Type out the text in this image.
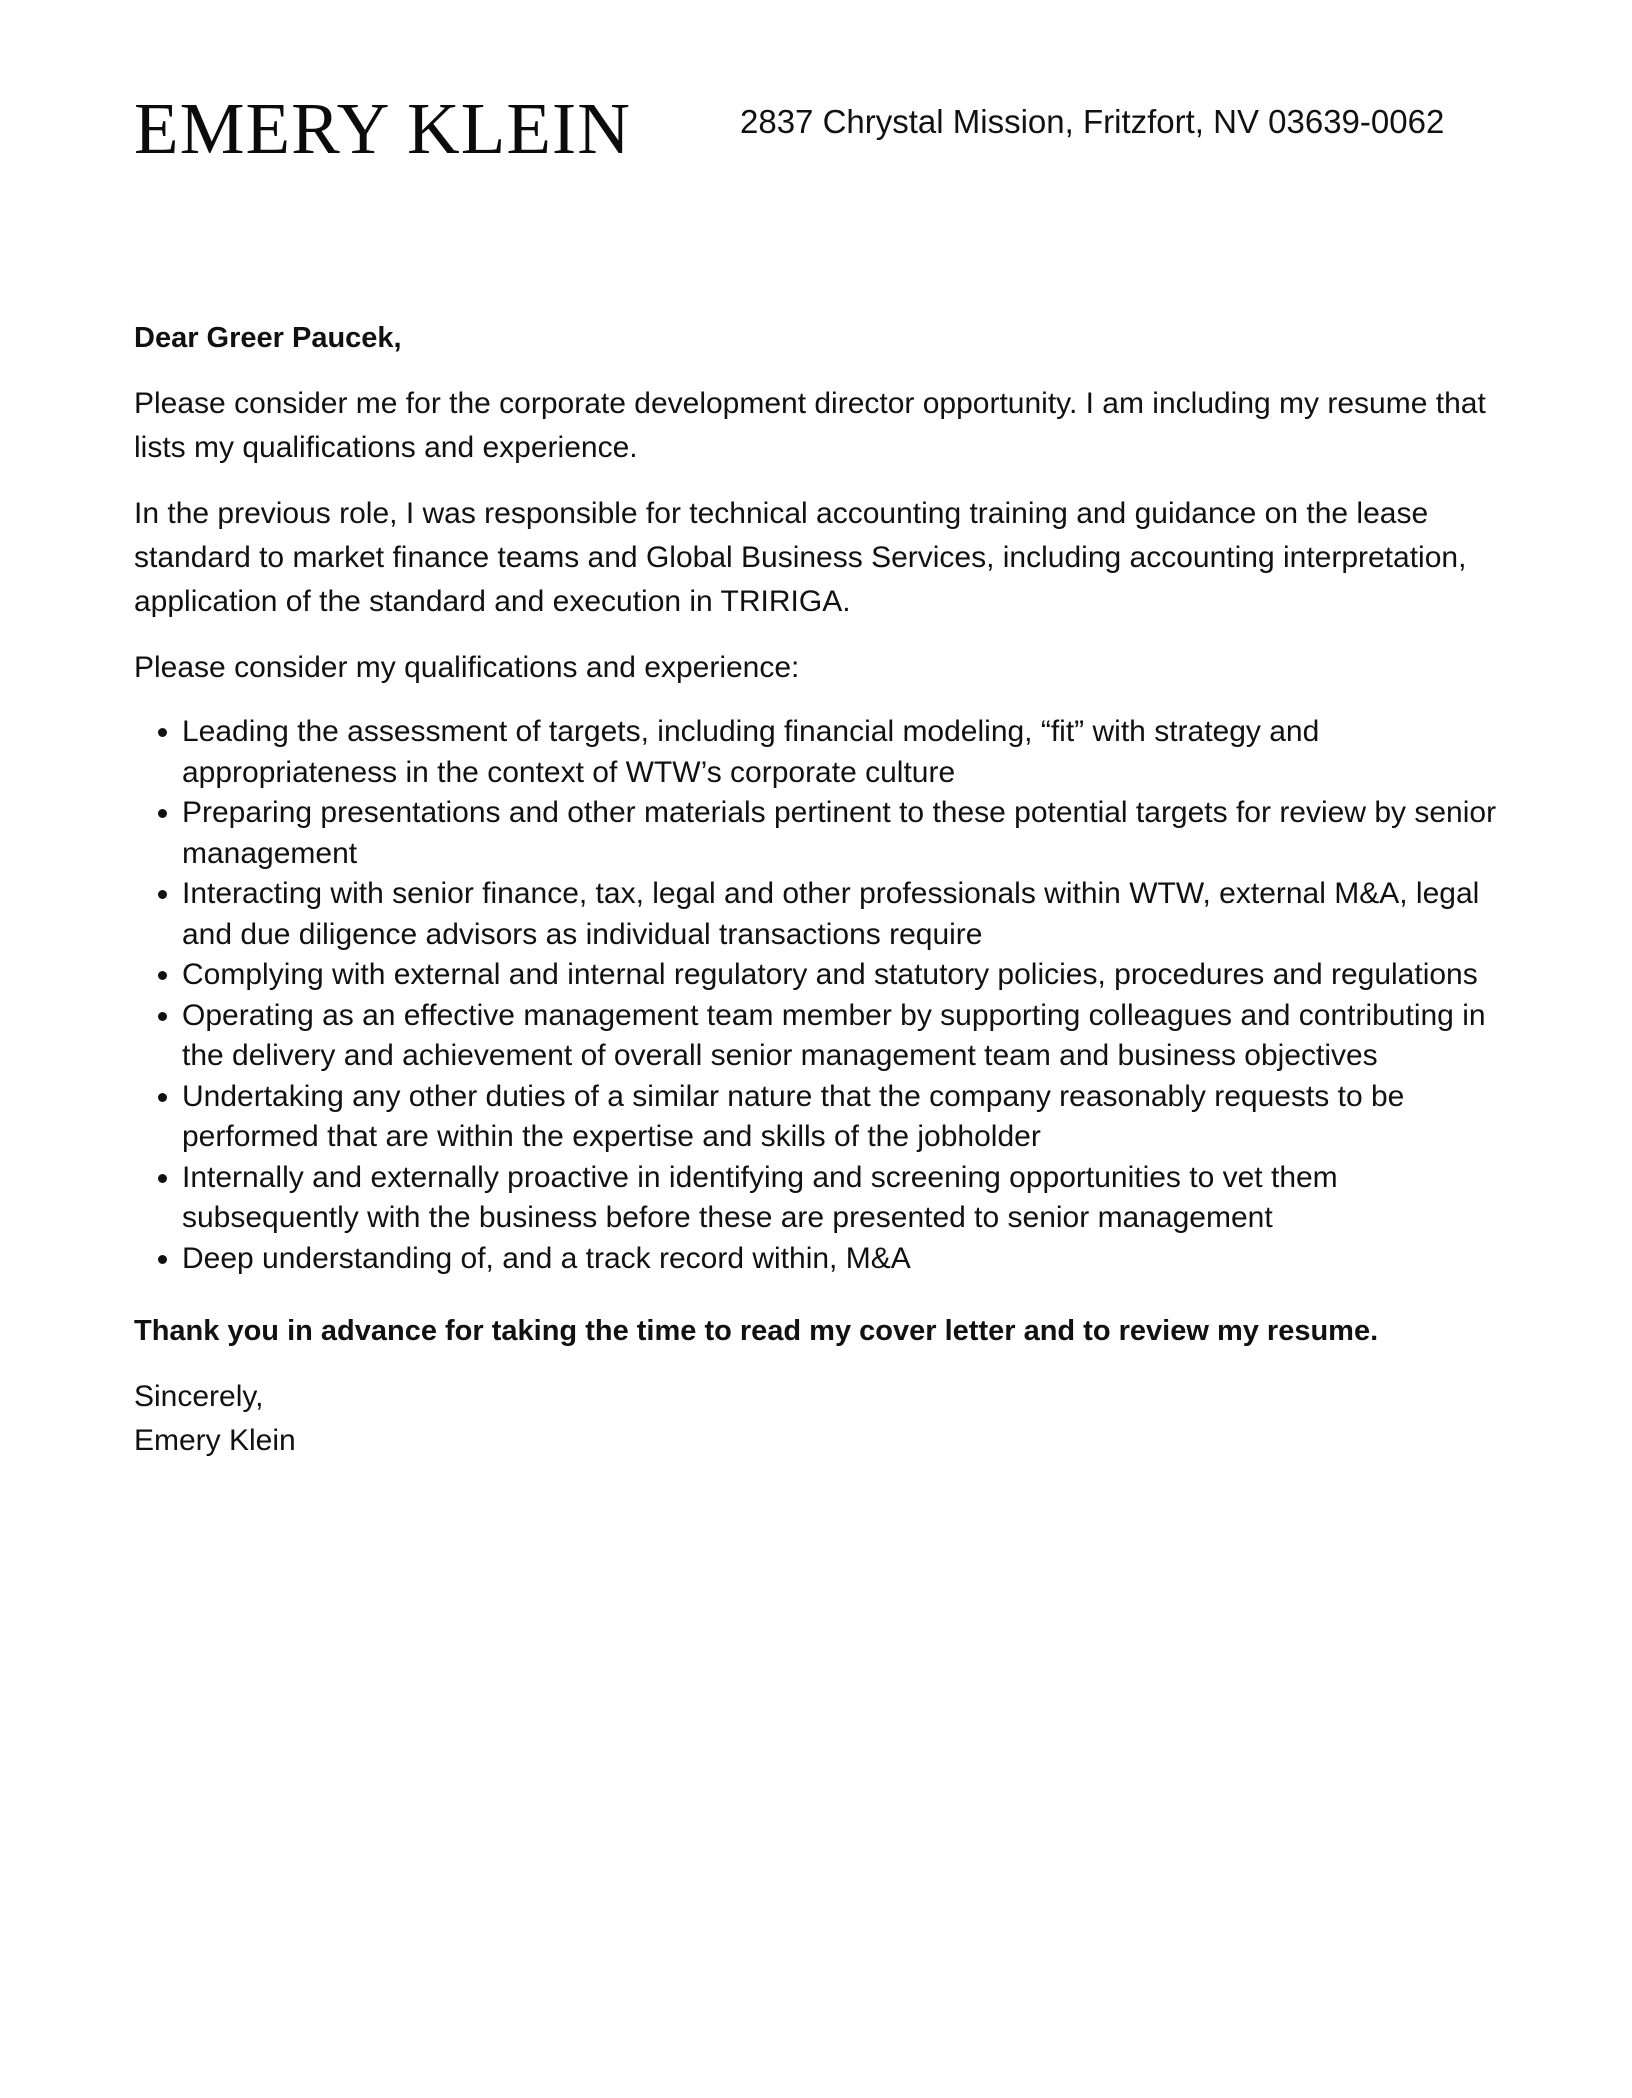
EMERY KLEIN	2837 Chrystal Mission, Fritzfort, NV 03639-0062

Dear Greer Paucek,

Please consider me for the corporate development director opportunity. I am including my resume that lists my qualifications and experience.

In the previous role, I was responsible for technical accounting training and guidance on the lease standard to market finance teams and Global Business Services, including accounting interpretation, application of the standard and execution in TRIRIGA.

Please consider my qualifications and experience:

• Leading the assessment of targets, including financial modeling, “fit” with strategy and appropriateness in the context of WTW’s corporate culture
• Preparing presentations and other materials pertinent to these potential targets for review by senior management
• Interacting with senior finance, tax, legal and other professionals within WTW, external M&A, legal and due diligence advisors as individual transactions require
• Complying with external and internal regulatory and statutory policies, procedures and regulations
• Operating as an effective management team member by supporting colleagues and contributing in the delivery and achievement of overall senior management team and business objectives
• Undertaking any other duties of a similar nature that the company reasonably requests to be performed that are within the expertise and skills of the jobholder
• Internally and externally proactive in identifying and screening opportunities to vet them subsequently with the business before these are presented to senior management
• Deep understanding of, and a track record within, M&A

Thank you in advance for taking the time to read my cover letter and to review my resume.

Sincerely,

Emery Klein
